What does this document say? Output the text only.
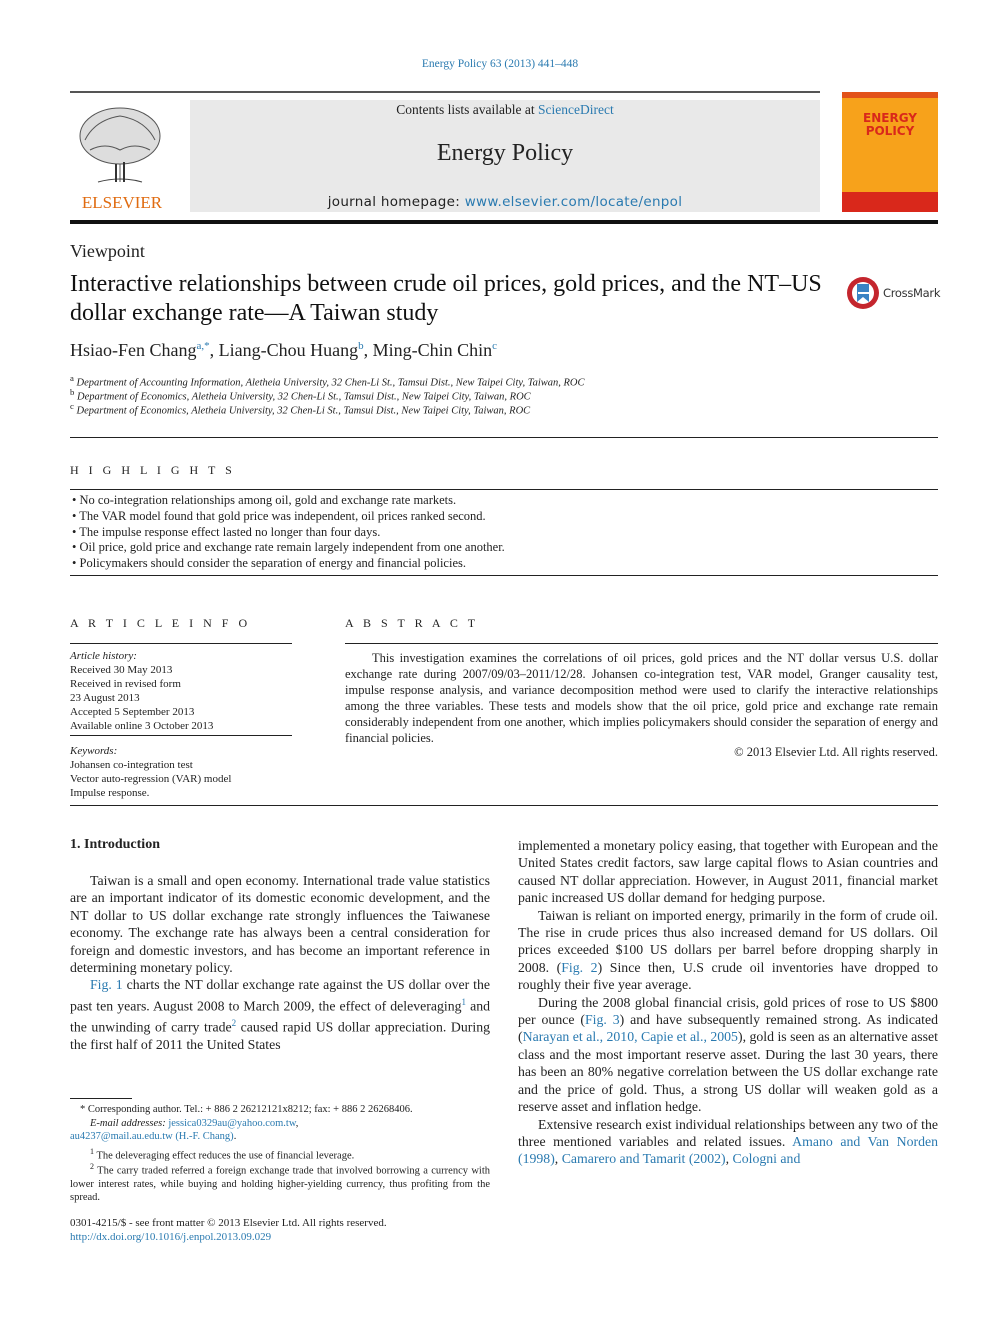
Energy Policy 63 (2013) 441–448
ELSEVIER
Contents lists available at ScienceDirect
Energy Policy
journal homepage: www.elsevier.com/locate/enpol
ENERGY
POLICY
Viewpoint
Interactive relationships between crude oil prices, gold prices, and the NT–US dollar exchange rate—A Taiwan study
CrossMark
Hsiao-Fen Chang$^{a,*}$, Liang-Chou Huang$^b$, Ming-Chin Chin$^c$
$^a$ Department of Accounting Information, Aletheia University, 32 Chen-Li St., Tamsui Dist., New Taipei City, Taiwan, ROC
$^b$ Department of Economics, Aletheia University, 32 Chen-Li St., Tamsui Dist., New Taipei City, Taiwan, ROC
$^c$ Department of Economics, Aletheia University, 32 Chen-Li St., Tamsui Dist., New Taipei City, Taiwan, ROC
H I G H L I G H T S
• No co-integration relationships among oil, gold and exchange rate markets.
• The VAR model found that gold price was independent, oil prices ranked second.
• The impulse response effect lasted no longer than four days.
• Oil price, gold price and exchange rate remain largely independent from one another.
• Policymakers should consider the separation of energy and financial policies.
A R T I C L E I N F O
Article history:
Received 30 May 2013
Received in revised form
23 August 2013
Accepted 5 September 2013
Available online 3 October 2013
Keywords:
Johansen co-integration test
Vector auto-regression (VAR) model
Impulse response.
A B S T R A C T
This investigation examines the correlations of oil prices, gold prices and the NT dollar versus U.S. dollar exchange rate during 2007/09/03–2011/12/28. Johansen co-integration test, VAR model, Granger causality test, impulse response analysis, and variance decomposition method were used to clarify the interactive relationships among the three variables. These tests and models show that the oil price, gold price and exchange rate remain considerably independent from one another, which implies policymakers should consider the separation of energy and financial policies.
© 2013 Elsevier Ltd. All rights reserved.
1. Introduction

Taiwan is a small and open economy. International trade value statistics are an important indicator of its domestic economic development, and the NT dollar to US dollar exchange rate strongly influences the Taiwanese economy. The exchange rate has always been a central consideration for foreign and domestic investors, and has become an important reference in determining monetary policy.

Fig. 1 charts the NT dollar exchange rate against the US dollar over the past ten years. August 2008 to March 2009, the effect of deleveraging$^1$ and the unwinding of carry trade$^2$ caused rapid US dollar appreciation. During the first half of 2011 the United States

implemented a monetary policy easing, that together with European and the United States credit factors, saw large capital flows to Asian countries and caused NT dollar appreciation. However, in August 2011, financial market panic increased US dollar demand for hedging purpose.

Taiwan is reliant on imported energy, primarily in the form of crude oil. The rise in crude prices thus also increased demand for US dollars. Oil prices exceeded $100 US dollars per barrel before dropping sharply in 2008. (Fig. 2) Since then, U.S crude oil inventories have dropped to roughly their five year average.

During the 2008 global financial crisis, gold prices of rose to US $800 per ounce (Fig. 3) and have subsequently remained strong. As indicated (Narayan et al., 2010, Capie et al., 2005), gold is seen as an alternative asset class and the most important reserve asset. During the last 30 years, there has been an 80% negative correlation between the US dollar exchange rate and the price of gold. Thus, a strong US dollar will weaken gold as a reserve asset and inflation hedge.

Extensive research exist individual relationships between any two of the three mentioned variables and related issues. Amano and Van Norden (1998), Camarero and Tamarit (2002), Cologni and

* Corresponding author. Tel.: + 886 2 26212121x8212; fax: + 886 2 26268406.
E-mail addresses: jessica0329au@yahoo.com.tw,
au4237@mail.au.edu.tw (H.-F. Chang).
$^1$ The deleveraging effect reduces the use of financial leverage.
$^2$ The carry traded referred a foreign exchange trade that involved borrowing a currency with lower interest rates, while buying and holding higher-yielding currency, thus profiting from the spread.
0301-4215/$ - see front matter © 2013 Elsevier Ltd. All rights reserved.
http://dx.doi.org/10.1016/j.enpol.2013.09.029
